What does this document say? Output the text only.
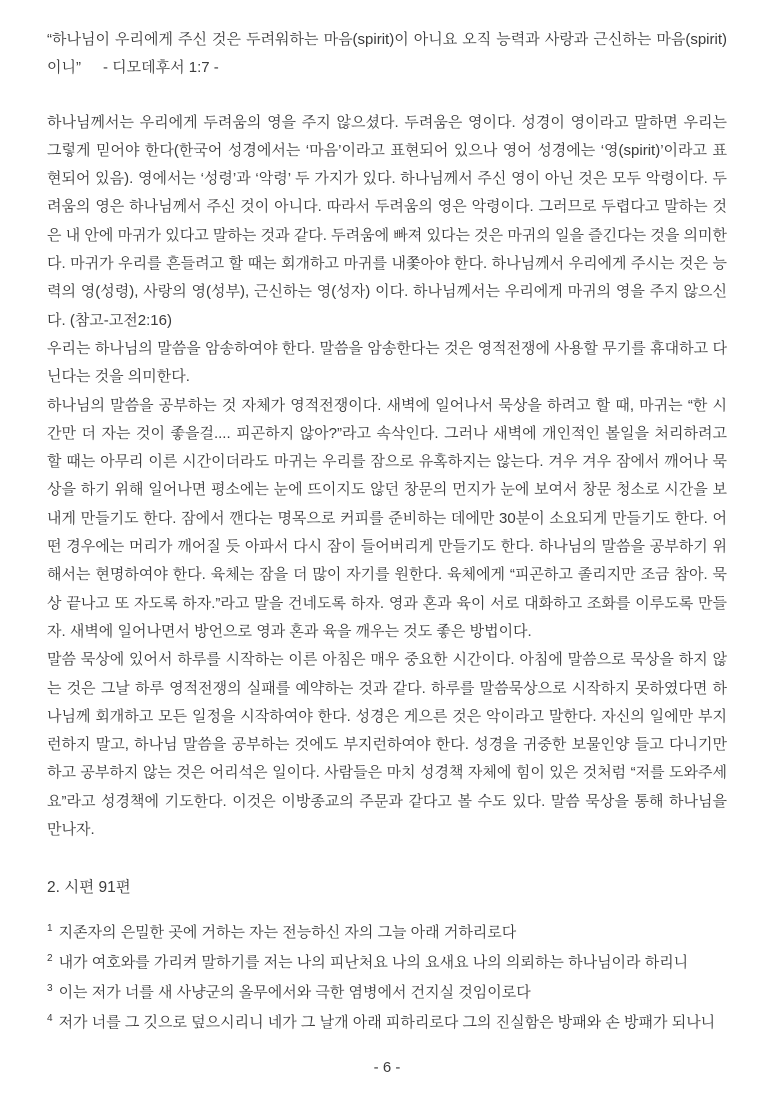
“하나님이 우리에게 주신 것은 두려워하는 마음(spirit)이 아니요 오직 능력과 사랑과 근신하는 마음(spirit)이니” - 디모데후서 1:7 -

하나님께서는 우리에게 두려움의 영을 주지 않으셨다. 두려움은 영이다. 성경이 영이라고 말하면 우리는 그렇게 믿어야 한다(한국어 성경에서는 ‘마음’이라고 표현되어 있으나 영어 성경에는 ‘영(spirit)’이라고 표현되어 있음). 영에서는 ‘성령’과 ‘악령’ 두 가지가 있다. 하나님께서 주신 영이 아닌 것은 모두 악령이다. 두려움의 영은 하나님께서 주신 것이 아니다. 따라서 두려움의 영은 악령이다. 그러므로 두렵다고 말하는 것은 내 안에 마귀가 있다고 말하는 것과 같다. 두려움에 빠져 있다는 것은 마귀의 일을 즐긴다는 것을 의미한다. 마귀가 우리를 흔들려고 할 때는 회개하고 마귀를 내쫓아야 한다. 하나님께서 우리에게 주시는 것은 능력의 영(성령), 사랑의 영(성부), 근신하는 영(성자) 이다. 하나님께서는 우리에게 마귀의 영을 주지 않으신다. (참고-고전2:16)

우리는 하나님의 말씀을 암송하여야 한다. 말씀을 암송한다는 것은 영적전쟁에 사용할 무기를 휴대하고 다닌다는 것을 의미한다.

하나님의 말씀을 공부하는 것 자체가 영적전쟁이다. 새벽에 일어나서 묵상을 하려고 할 때, 마귀는 “한 시간만 더 자는 것이 좋을걸.... 피곤하지 않아?”라고 속삭인다. 그러나 새벽에 개인적인 볼일을 처리하려고 할 때는 아무리 이른 시간이더라도 마귀는 우리를 잠으로 유혹하지는 않는다. 겨우 겨우 잠에서 깨어나 묵상을 하기 위해 일어나면 평소에는 눈에 뜨이지도 않던 창문의 먼지가 눈에 보여서 창문 청소로 시간을 보내게 만들기도 한다. 잠에서 깬다는 명목으로 커피를 준비하는 데에만 30분이 소요되게 만들기도 한다. 어떤 경우에는 머리가 깨어질 듯 아파서 다시 잠이 들어버리게 만들기도 한다. 하나님의 말씀을 공부하기 위해서는 현명하여야 한다. 육체는 잠을 더 많이 자기를 원한다. 육체에게 “피곤하고 졸리지만 조금 참아. 묵상 끝나고 또 자도록 하자.”라고 말을 건네도록 하자. 영과 혼과 육이 서로 대화하고 조화를 이루도록 만들자. 새벽에 일어나면서 방언으로 영과 혼과 육을 깨우는 것도 좋은 방법이다.

말씀 묵상에 있어서 하루를 시작하는 이른 아침은 매우 중요한 시간이다. 아침에 말씀으로 묵상을 하지 않는 것은 그날 하루 영적전쟁의 실패를 예약하는 것과 같다. 하루를 말씀묵상으로 시작하지 못하였다면 하나님께 회개하고 모든 일정을 시작하여야 한다. 성경은 게으른 것은 악이라고 말한다. 자신의 일에만 부지런하지 말고, 하나님 말씀을 공부하는 것에도 부지런하여야 한다. 성경을 귀중한 보물인양 들고 다니기만 하고 공부하지 않는 것은 어리석은 일이다. 사람들은 마치 성경책 자체에 힘이 있은 것처럼 “저를 도와주세요”라고 성경책에 기도한다. 이것은 이방종교의 주문과 같다고 볼 수도 있다. 말씀 묵상을 통해 하나님을 만나자.

2. 시편 91편
$^1$ 지존자의 은밀한 곳에 거하는 자는 전능하신 자의 그늘 아래 거하리로다
$^2$ 내가 여호와를 가리켜 말하기를 저는 나의 피난처요 나의 요새요 나의 의뢰하는 하나님이라 하리니
$^3$ 이는 저가 너를 새 사냥군의 올무에서와 극한 염병에서 건지실 것임이로다
$^4$ 저가 너를 그 깃으로 덮으시리니 네가 그 날개 아래 피하리로다 그의 진실함은 방패와 손 방패가 되나니
- 6 -
